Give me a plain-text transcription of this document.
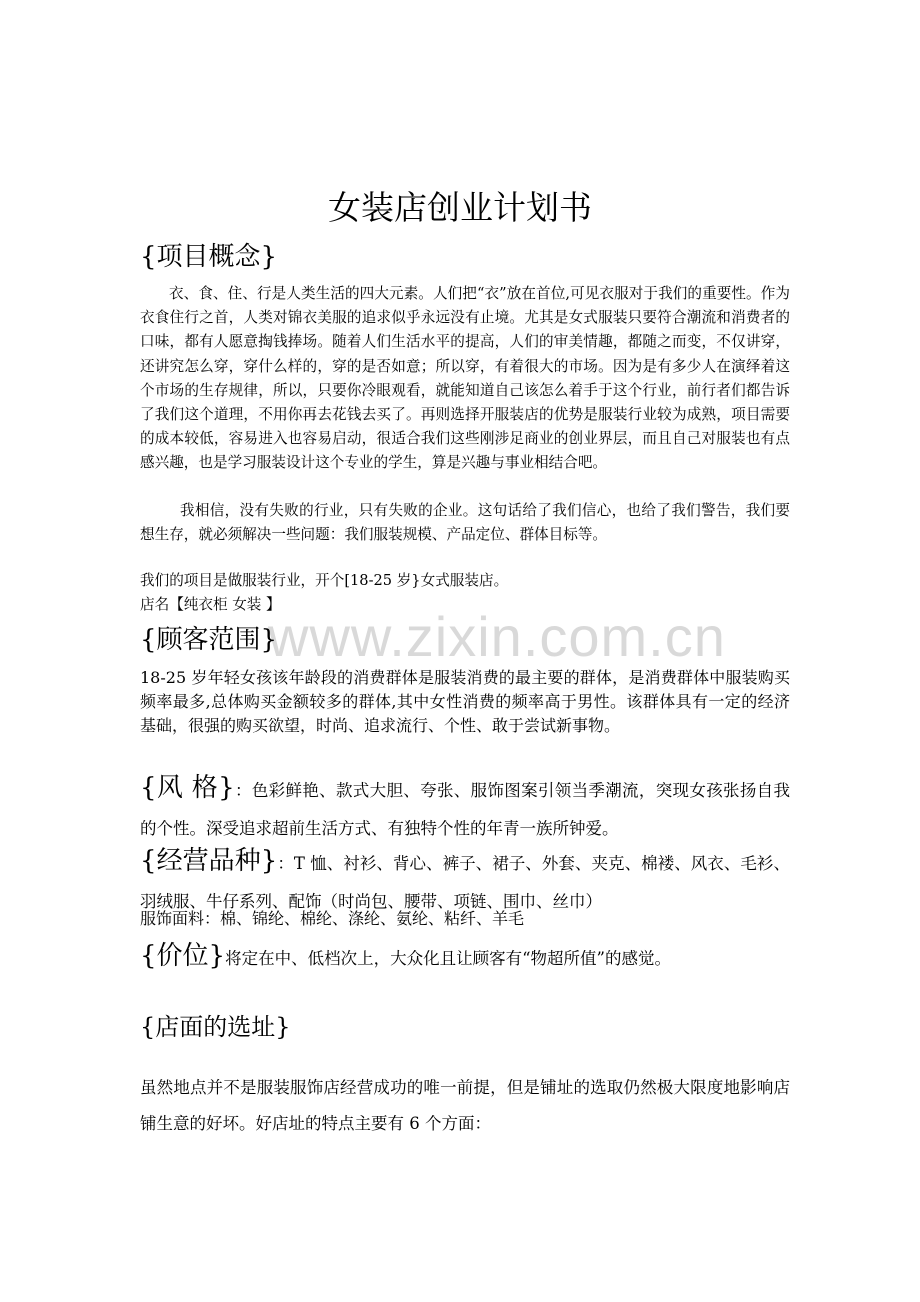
www.zixin.com.cn
女装店创业计划书
{项目概念}
衣、食、住、行是人类生活的四大元素。人们把“衣”放在首位,可见衣服对于我们的重要性。作为衣食住行之首，人类对锦衣美服的追求似乎永远没有止境。尤其是女式服装只要符合潮流和消费者的口味，都有人愿意掏钱捧场。随着人们生活水平的提高，人们的审美情趣，都随之而变，不仅讲穿，还讲究怎么穿，穿什么样的，穿的是否如意；所以穿，有着很大的市场。因为是有多少人在演绎着这个市场的生存规律，所以，只要你冷眼观看，就能知道自己该怎么着手于这个行业，前行者们都告诉了我们这个道理，不用你再去花钱去买了。再则选择开服装店的优势是服装行业较为成熟，项目需要的成本较低，容易进入也容易启动，很适合我们这些刚涉足商业的创业界层，而且自己对服装也有点感兴趣，也是学习服装设计这个专业的学生，算是兴趣与事业相结合吧。
我相信，没有失败的行业，只有失败的企业。这句话给了我们信心，也给了我们警告，我们要想生存，就必须解决一些问题：我们服装规模、产品定位、群体目标等。
我们的项目是做服装行业，开个[18-25 岁}女式服装店。
店名【纯衣柜 女装 】
{顾客范围}
18-25 岁年轻女孩该年龄段的消费群体是服装消费的最主要的群体，是消费群体中服装购买频率最多,总体购买金额较多的群体,其中女性消费的频率高于男性。该群体具有一定的经济基础，很强的购买欲望，时尚、追求流行、个性、敢于尝试新事物。
{风 格}：色彩鲜艳、款式大胆、夸张、服饰图案引领当季潮流，突现女孩张扬自我的个性。深受追求超前生活方式、有独特个性的年青一族所钟爱。
{经营品种}：T 恤、衬衫、背心、裤子、裙子、外套、夹克、棉褛、风衣、毛衫、羽绒服、牛仔系列、配饰（时尚包、腰带、项链、围巾、丝巾）
服饰面料：棉、锦纶、棉纶、涤纶、氨纶、粘纤、羊毛
{价位}将定在中、低档次上，大众化且让顾客有“物超所值”的感觉。
{店面的选址}
虽然地点并不是服装服饰店经营成功的唯一前提，但是铺址的选取仍然极大限度地影响店铺生意的好坏。好店址的特点主要有 6 个方面：
